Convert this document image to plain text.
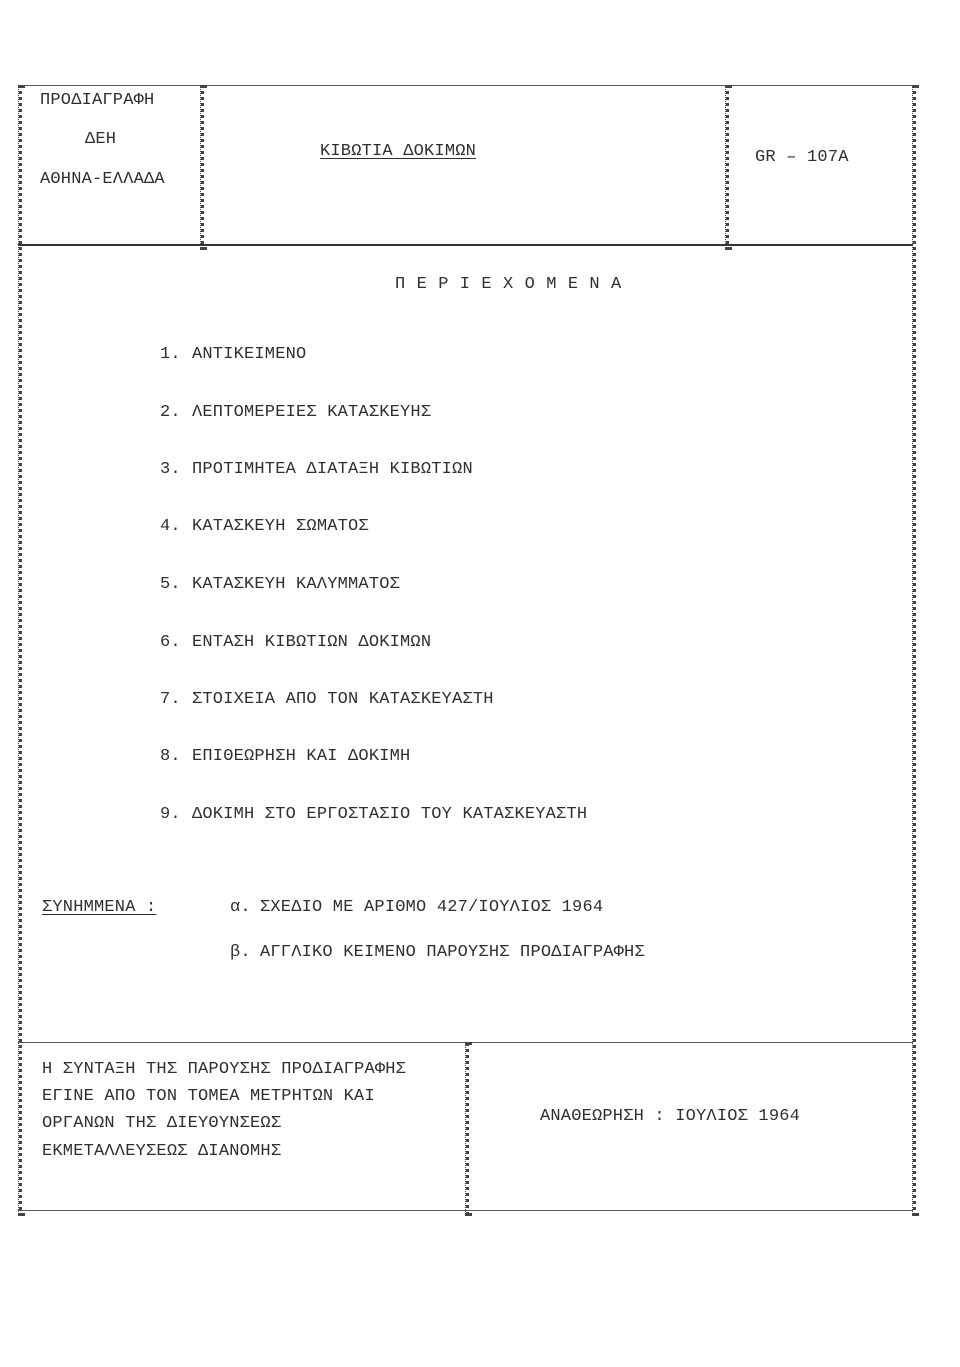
ΠΡΟΔΙΑΓΡΑΦΗ
ΔΕΗ
ΑΘΗΝΑ-ΕΛΛΑΔΑ
ΚΙΒΩΤΙΑ ΔΟΚΙΜΩΝ	GR – 107A
Π Ε Ρ Ι Ε Χ Ο Μ Ε Ν Α
1. ΑΝΤΙΚΕΙΜΕΝΟ
2. ΛΕΠΤΟΜΕΡΕΙΕΣ ΚΑΤΑΣΚΕΥΗΣ
3. ΠΡΟΤΙΜΗΤΕΑ ΔΙΑΤΑΞΗ ΚΙΒΩΤΙΩΝ
4. ΚΑΤΑΣΚΕΥΗ ΣΩΜΑΤΟΣ
5. ΚΑΤΑΣΚΕΥΗ ΚΑΛΥΜΜΑΤΟΣ
6. ΕΝΤΑΣΗ ΚΙΒΩΤΙΩΝ ΔΟΚΙΜΩΝ
7. ΣΤΟΙΧΕΙΑ ΑΠΟ ΤΟΝ ΚΑΤΑΣΚΕΥΑΣΤΗ
8. ΕΠΙΘΕΩΡΗΣΗ ΚΑΙ ΔΟΚΙΜΗ
9. ΔΟΚΙΜΗ ΣΤΟ ΕΡΓΟΣΤΑΣΙΟ ΤΟΥ ΚΑΤΑΣΚΕΥΑΣΤΗ
ΣΥΝΗΜΜΕΝΑ :	α. ΣΧΕΔΙΟ ΜΕ ΑΡΙΘΜΟ 427/ΙΟΥΛΙΟΣ 1964
β. ΑΓΓΛΙΚΟ ΚΕΙΜΕΝΟ ΠΑΡΟΥΣΗΣ ΠΡΟΔΙΑΓΡΑΦΗΣ
Η ΣΥΝΤΑΞΗ ΤΗΣ ΠΑΡΟΥΣΗΣ ΠΡΟΔΙΑΓΡΑΦΗΣ
ΕΓΙΝΕ ΑΠΟ ΤΟΝ ΤΟΜΕΑ ΜΕΤΡΗΤΩΝ ΚΑΙ
ΟΡΓΑΝΩΝ ΤΗΣ ΔΙΕΥΘΥΝΣΕΩΣ
ΕΚΜΕΤΑΛΛΕΥΣΕΩΣ ΔΙΑΝΟΜΗΣ
ΑΝΑΘΕΩΡΗΣΗ : ΙΟΥΛΙΟΣ 1964
